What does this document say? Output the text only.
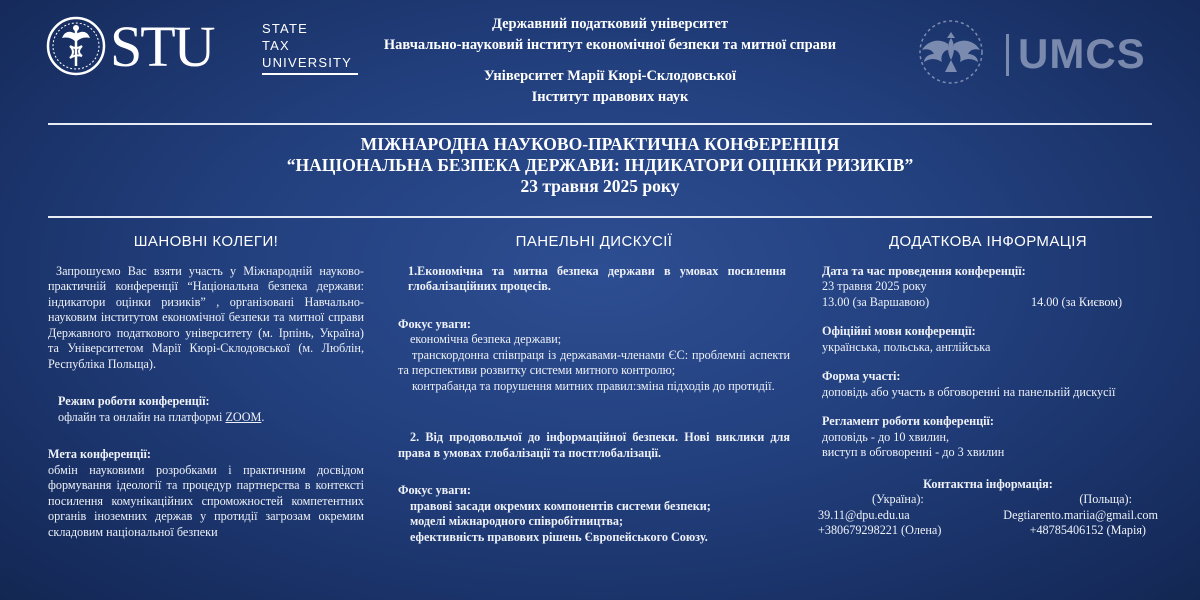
STU	STATE
TAX
UNIVERSITY
Державний податковий університет
Навчально-науковий інститут економічної безпеки та митної справи
Університет Марії Кюрі-Склодовської
Інститут правових наук
UMCS
МІЖНАРОДНА НАУКОВО-ПРАКТИЧНА КОНФЕРЕНЦІЯ
“НАЦІОНАЛЬНА БЕЗПЕКА ДЕРЖАВИ: ІНДИКАТОРИ ОЦІНКИ РИЗИКІВ”
23 травня 2025 року
ШАНОВНІ КОЛЕГИ!

Запрошуємо Вас взяти участь у Міжнародній науково-практичній конференції “Національна безпека держави: індикатори оцінки ризиків” , організовані Навчально-науковим інститутом економічної безпеки та митної справи Державного податкового університету (м. Ірпінь, Україна) та Університетом Марії Кюрі-Склодовської (м. Люблін, Республіка Польща).

Режим роботи конференції:
офлайн та онлайн на платформі ZOOM.
Мета конференції:

обмін науковими розробками і практичним досвідом формування ідеології та процедур партнерства в контексті посилення комунікаційних спроможностей компетентних органів іноземних держав у протидії загрозам окремим складовим національної безпеки

ПАНЕЛЬНІ ДИСКУСІЇ

1.Економічна та митна безпека держави в умовах посилення глобалізаційних процесів.

Фокус уваги:
економічна безпека держави;
транскордонна співпраця із державами-членами ЄС: проблемні аспекти та перспективи розвитку системи митного контролю;
контрабанда та порушення митних правил:змінa підходів до протидії.

2. Від продовольчої до інформаційної безпеки. Нові виклики для права в умовах глобалізації та постглобалізації.

Фокус уваги:
правові засади окремих компонентів системи безпеки;
моделі міжнародного співробітництва;
ефективність правових рішень Європейського Союзу.
ДОДАТКОВА ІНФОРМАЦІЯ
Дата та час проведення конференції:
23 травня 2025 року
13.00 (за Варшавою)	14.00 (за Києвом)
Офіційні мови конференції:
українська, польська, англійська
Форма участі:
доповідь або участь в обговоренні на панельній дискусії
Регламент роботи конференції:
доповідь - до 10 хвилин,
виступ в обговоренні - до 3 хвилин
Контактна інформація:
(Україна):	(Польща):
39.11@dpu.edu.ua	Degtiarento.mariia@gmail.com
+380679298221 (Олена)	+48785406152 (Марія)
